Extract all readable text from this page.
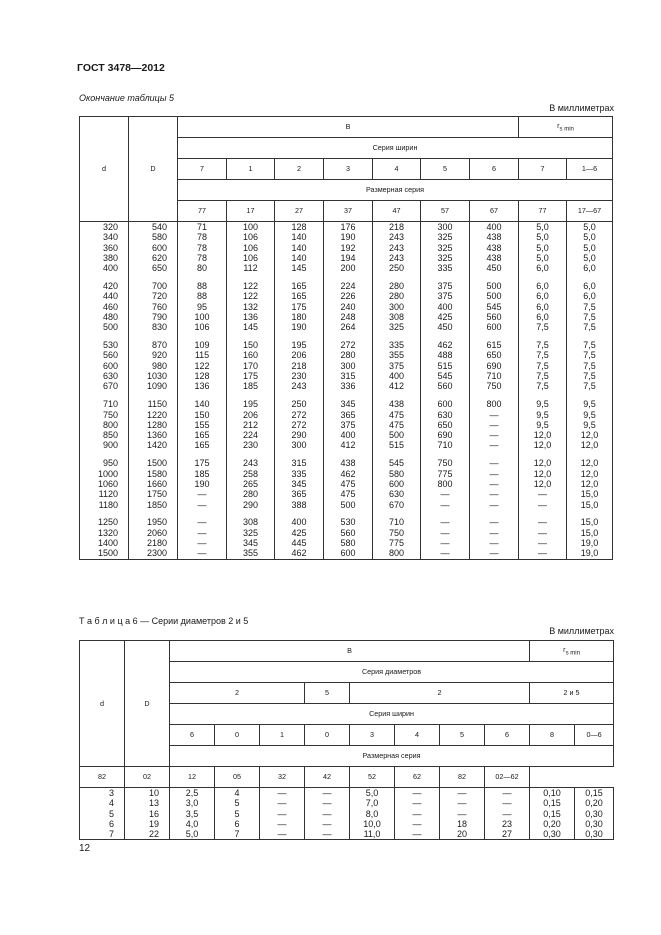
ГОСТ 3478—2012
Окончание таблицы 5
В миллиметрах
d	D	B							$r_{s min}$
		Серия ширин								
		7	1	2	3	4	5	6	7	1—6
		Размерная серия								
		77	17	27	37	47	57	67	77	17—67
320	540	71	100	128	176	218	300	400	5,0	5,0
340	580	78	106	140	190	243	325	438	5,0	5,0
360	600	78	106	140	192	243	325	438	5,0	5,0
380	620	78	106	140	194	243	325	438	5,0	5,0
400	650	80	112	145	200	250	335	450	6,0	6,0

420	700	88	122	165	224	280	375	500	6,0	6,0
440	720	88	122	165	226	280	375	500	6,0	6,0
460	760	95	132	175	240	300	400	545	6,0	7,5
480	790	100	136	180	248	308	425	560	6,0	7,5
500	830	106	145	190	264	325	450	600	7,5	7,5

530	870	109	150	195	272	335	462	615	7,5	7,5
560	920	115	160	206	280	355	488	650	7,5	7,5
600	980	122	170	218	300	375	515	690	7,5	7,5
630	1030	128	175	230	315	400	545	710	7,5	7,5
670	1090	136	185	243	336	412	560	750	7,5	7,5

710	1150	140	195	250	345	438	600	800	9,5	9,5
750	1220	150	206	272	365	475	630	—	9,5	9,5
800	1280	155	212	272	375	475	650	—	9,5	9,5
850	1360	165	224	290	400	500	690	—	12,0	12,0
900	1420	165	230	300	412	515	710	—	12,0	12,0

950	1500	175	243	315	438	545	750	—	12,0	12,0
1000	1580	185	258	335	462	580	775	—	12,0	12,0
1060	1660	190	265	345	475	600	800	—	12,0	12,0
1120	1750	—	280	365	475	630	—	—	—	15,0
1180	1850	—	290	388	500	670	—	—	—	15,0

1250	1950	—	308	400	530	710	—	—	—	15,0
1320	2060	—	325	425	560	750	—	—	—	15,0
1400	2180	—	345	445	580	775	—	—	—	19,0
1500	2300	—	355	462	600	800	—	—	—	19,0
Т а б л и ц а 6 — Серии диаметров 2 и 5
В миллиметрах
d	D	B								$r_{s min}$
		Серия диаметров									
		2			5	2				2 и 5	
		Серия ширин									
		6	0	1	0	3	4	5	6	8	0—6
		Размерная серия									
82	02	12	05	32	42	52	62	82	02—62		
3	10	2,5	4	—	—	5,0	—	—	—	0,10	0,15
4	13	3,0	5	—	—	7,0	—	—	—	0,15	0,20
5	16	3,5	5	—	—	8,0	—	—	—	0,15	0,30
6	19	4,0	6	—	—	10,0	—	18	23	0,20	0,30
7	22	5,0	7	—	—	11,0	—	20	27	0,30	0,30
12
